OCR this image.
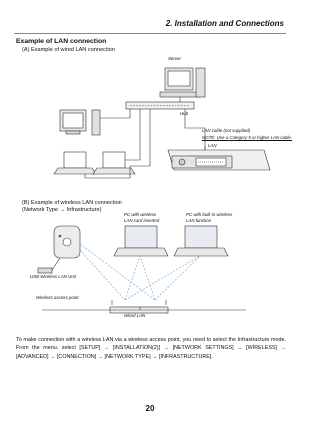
2. Installation and Connections
Example of LAN connection
(A) Example of wired LAN connection
Server
Hub
LAN cable (not supplied)
NOTE: Use a Category 5 or higher LAN cable.
LAN
(B) Example of wireless LAN connection
(Network Type → Infrastructure)
PC with wireless
LAN card inserted
PC with built-in wireless
LAN function
USB Wireless LAN Unit
Wireless access point
Wired LAN
To make connection with a wireless LAN via a wireless access point, you need to select the Infrastructure mode. From the menu, select [SETUP] → [INSTALLATION(2)] → [NETWORK SETTINGS] → [WIRELESS] → [ADVANCED] → [CONNECTION] → [NETWORK TYPE] → [INFRASTRUCTURE].
20
